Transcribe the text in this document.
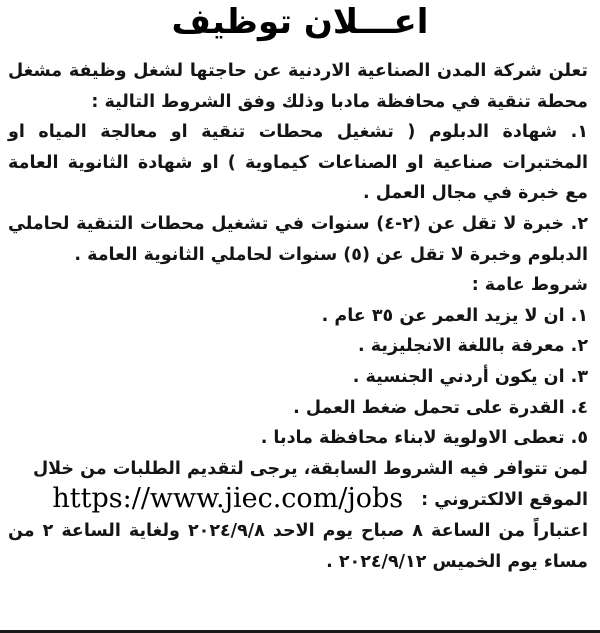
اعـــلان توظيف

تعلن شركة المدن الصناعية الاردنية عن حاجتها لشغل وظيفة مشغل محطة تنقية في محافظة مادبا وذلك وفق الشروط التالية :

١. شهادة الدبلوم ( تشغيل محطات تنقية او معالجة المياه او المختبرات صناعية او الصناعات كيماوية ) او شهادة الثانوية العامة مع خبرة في مجال العمل .

٢. خبرة لا تقل عن (٢-٤) سنوات في تشغيل محطات التنقية لحاملي الدبلوم وخبرة لا تقل عن (٥) سنوات لحاملي الثانوية العامة .

شروط عامة :

١. ان لا يزيد العمر عن ٣٥ عام .

٢. معرفة باللغة الانجليزية .

٣. ان يكون أردني الجنسية .

٤. القدرة على تحمل ضغط العمل .

٥. تعطى الاولوية لابناء محافظة مادبا .

لمن تتوافر فيه الشروط السابقة، يرجى لتقديم الطلبات من خلال

الموقع الالكتروني :https://www.jiec.com/jobs

اعتباراً من الساعة ٨ صباح يوم الاحد ٢٠٢٤/٩/٨ ولغاية الساعة ٢ من مساء يوم الخميس ٢٠٢٤/٩/١٢ .
